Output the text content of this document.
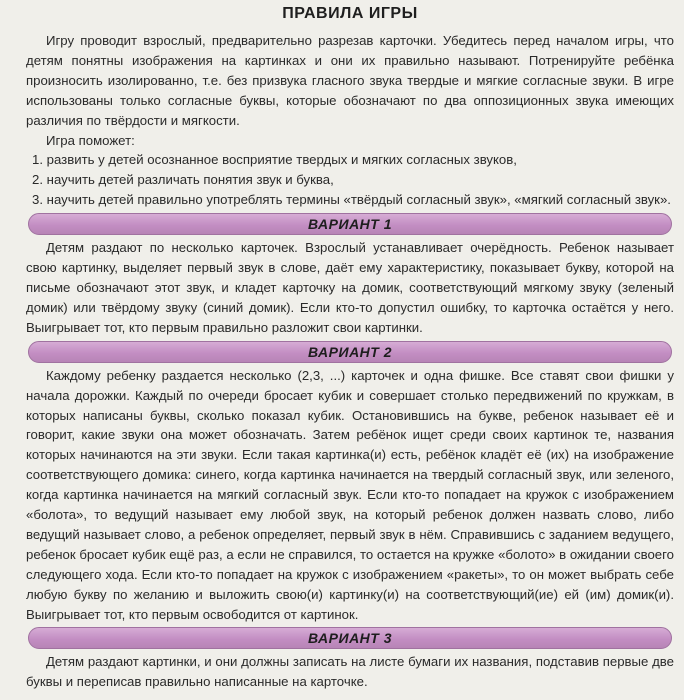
ПРАВИЛА ИГРЫ

Игру проводит взрослый, предварительно разрезав карточки. Убедитесь перед началом игры, что детям понятны изображения на картинках и они их правильно называют. Потренируйте ребёнка произносить изолированно, т.е. без призвука гласного звука твердые и мягкие согласные звуки. В игре использованы только согласные буквы, которые обозначают по два оппозиционных звука имеющих различия по твёрдости и мягкости.

Игра поможет:

1. развить у детей осознанное восприятие твердых и мягких согласных звуков,
2. научить детей различать понятия звук и буква,
3. научить детей правильно употреблять термины «твёрдый согласный звук», «мягкий согласный звук».
ВАРИАНТ 1

Детям раздают по несколько карточек. Взрослый устанавливает очерёдность. Ребенок называет свою картинку, выделяет первый звук в слове, даёт ему характеристику, показывает букву, которой на письме обозначают этот звук, и кладет карточку на домик, соответствующий мягкому звуку (зеленый домик) или твёрдому звуку (синий домик). Если кто-то допустил ошибку, то карточка остаётся у него. Выигрывает тот, кто первым правильно разложит свои картинки.

ВАРИАНТ 2

Каждому ребенку раздается несколько (2,3, ...) карточек и одна фишке. Все ставят свои фишки у начала дорожки. Каждый по очереди бросает кубик и совершает столько передвижений по кружкам, в которых написаны буквы, сколько показал кубик. Остановившись на букве, ребенок называет её и говорит, какие звуки она может обозначать. Затем ребёнок ищет среди своих картинок те, названия которых начинаются на эти звуки. Если такая картинка(и) есть, ребёнок кладёт её (их) на изображение соответствующего домика: синего, когда картинка начинается на твердый согласный звук, или зеленого, когда картинка начинается на мягкий согласный звук. Если кто-то попадает на кружок с изображением «болота», то ведущий называет ему любой звук, на который ребенок должен назвать слово, либо ведущий называет слово, а ребенок определяет, первый звук в нём. Справившись с заданием ведущего, ребенок бросает кубик ещё раз, а если не справился, то остается на кружке «болото» в ожидании своего следующего хода. Если кто-то попадает на кружок с изображением «ракеты», то он может выбрать себе любую букву по желанию и выложить свою(и) картинку(и) на соответствующий(ие) ей (им) домик(и). Выигрывает тот, кто первым освободится от картинок.

ВАРИАНТ 3

Детям раздают картинки, и они должны записать на листе бумаги их названия, подставив первые две буквы и переписав правильно написанные на карточке.
